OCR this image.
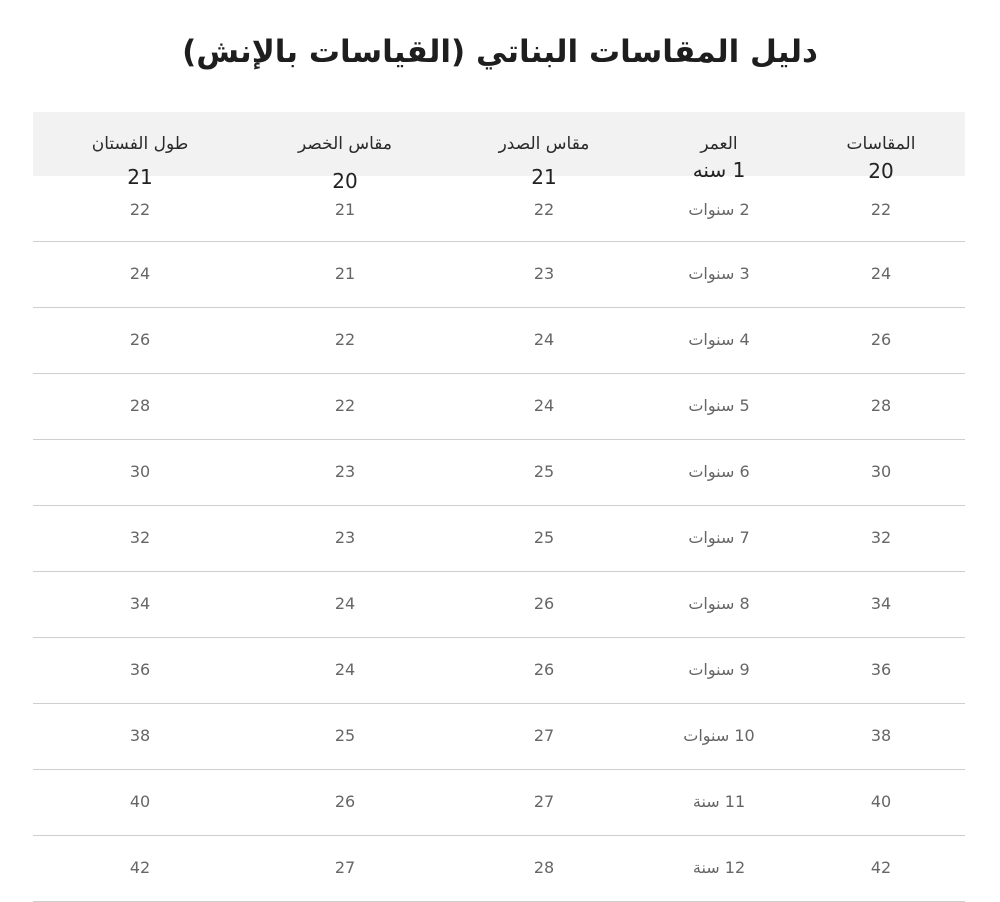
دليل المقاسات البناتي (القياسات بالإنش)
المقاسات
العمر
مقاس الصدر
مقاس الخصر
طول الفستان
20
1 سنه
21
20
21
22
2 سنوات
22
21
22
24
3 سنوات
23
21
24
26
4 سنوات
24
22
26
28
5 سنوات
24
22
28
30
6 سنوات
25
23
30
32
7 سنوات
25
23
32
34
8 سنوات
26
24
34
36
9 سنوات
26
24
36
38
10 سنوات
27
25
38
40
11 سنة
27
26
40
42
12 سنة
28
27
42
